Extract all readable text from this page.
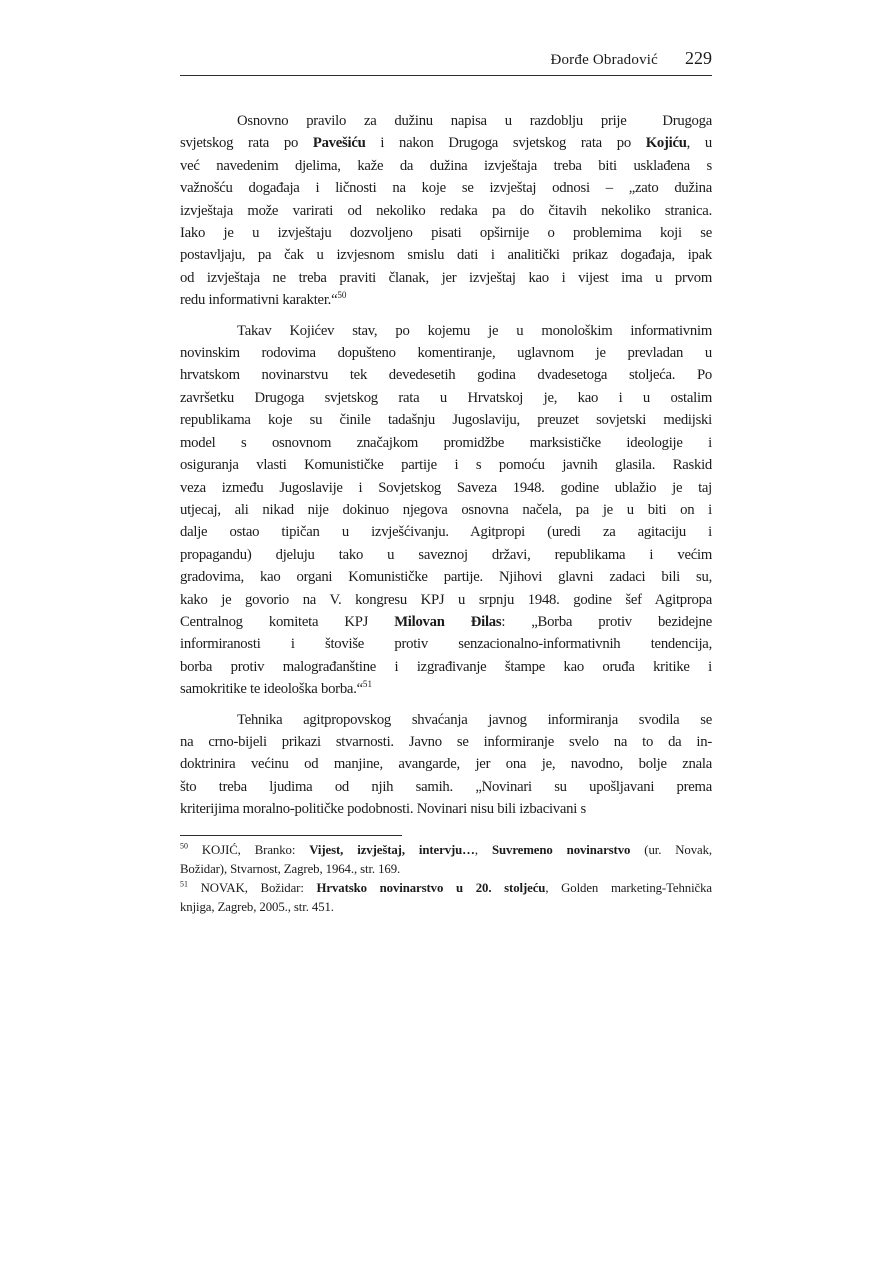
Đorđe Obradović 229
Osnovno pravilo za dužinu napisa u razdoblju prije  Drugoga
svjetskog rata po Pavešiću i nakon Drugoga svjetskog rata po Kojiću, u
već navedenim djelima, kaže da dužina izvještaja treba biti usklađena s
važnošću događaja i ličnosti na koje se izvještaj odnosi – „zato dužina
izvještaja može varirati od nekoliko redaka pa do čitavih nekoliko stranica.
Iako je u izvještaju dozvoljeno pisati opširnije o problemima koji se
postavljaju, pa čak u izvjesnom smislu dati i analitički prikaz događaja, ipak
od izvještaja ne treba praviti članak, jer izvještaj kao i vijest ima u prvom
redu informativni karakter.“$^{50}$
Takav Kojićev stav, po kojemu je u monološkim informativnim
novinskim rodovima dopušteno komentiranje, uglavnom je prevladan u
hrvatskom novinarstvu tek devedesetih godina dvadesetoga stoljeća. Po
završetku Drugoga svjetskog rata u Hrvatskoj je, kao i u ostalim
republikama koje su činile tadašnju Jugoslaviju, preuzet sovjetski medijski
model s osnovnom značajkom promidžbe marksističke ideologije i
osiguranja vlasti Komunističke partije i s pomoću javnih glasila. Raskid
veza između Jugoslavije i Sovjetskog Saveza 1948. godine ublažio je taj
utjecaj, ali nikad nije dokinuo njegova osnovna načela, pa je u biti on i
dalje ostao tipičan u izvješćivanju. Agitpropi (uredi za agitaciju i
propagandu) djeluju tako u saveznoj državi, republikama i većim
gradovima, kao organi Komunističke partije. Njihovi glavni zadaci bili su,
kako je govorio na V. kongresu KPJ u srpnju 1948. godine šef Agitpropa
Centralnog komiteta KPJ Milovan Đilas: „Borba protiv bezidejne
informiranosti i štoviše protiv senzacionalno-informativnih tendencija,
borba protiv malograđanštine i izgrađivanje štampe kao oruđa kritike i
samokritike te ideološka borba.“$^{51}$
Tehnika agitpropovskog shvaćanja javnog informiranja svodila se
na crno-bijeli prikazi stvarnosti. Javno se informiranje svelo na to da in-
doktrinira većinu od manjine, avangarde, jer ona je, navodno, bolje znala
što treba ljudima od njih samih. „Novinari su upošljavani prema
kriterijima moralno-političke podobnosti. Novinari nisu bili izbacivani s
$^{50}$ KOJIĆ, Branko: Vijest, izvještaj, intervju…, Suvremeno novinarstvo (ur. Novak,
Božidar), Stvarnost, Zagreb, 1964., str. 169.
$^{51}$ NOVAK, Božidar: Hrvatsko novinarstvo u 20. stoljeću, Golden marketing-Tehnička
knjiga, Zagreb, 2005., str. 451.
